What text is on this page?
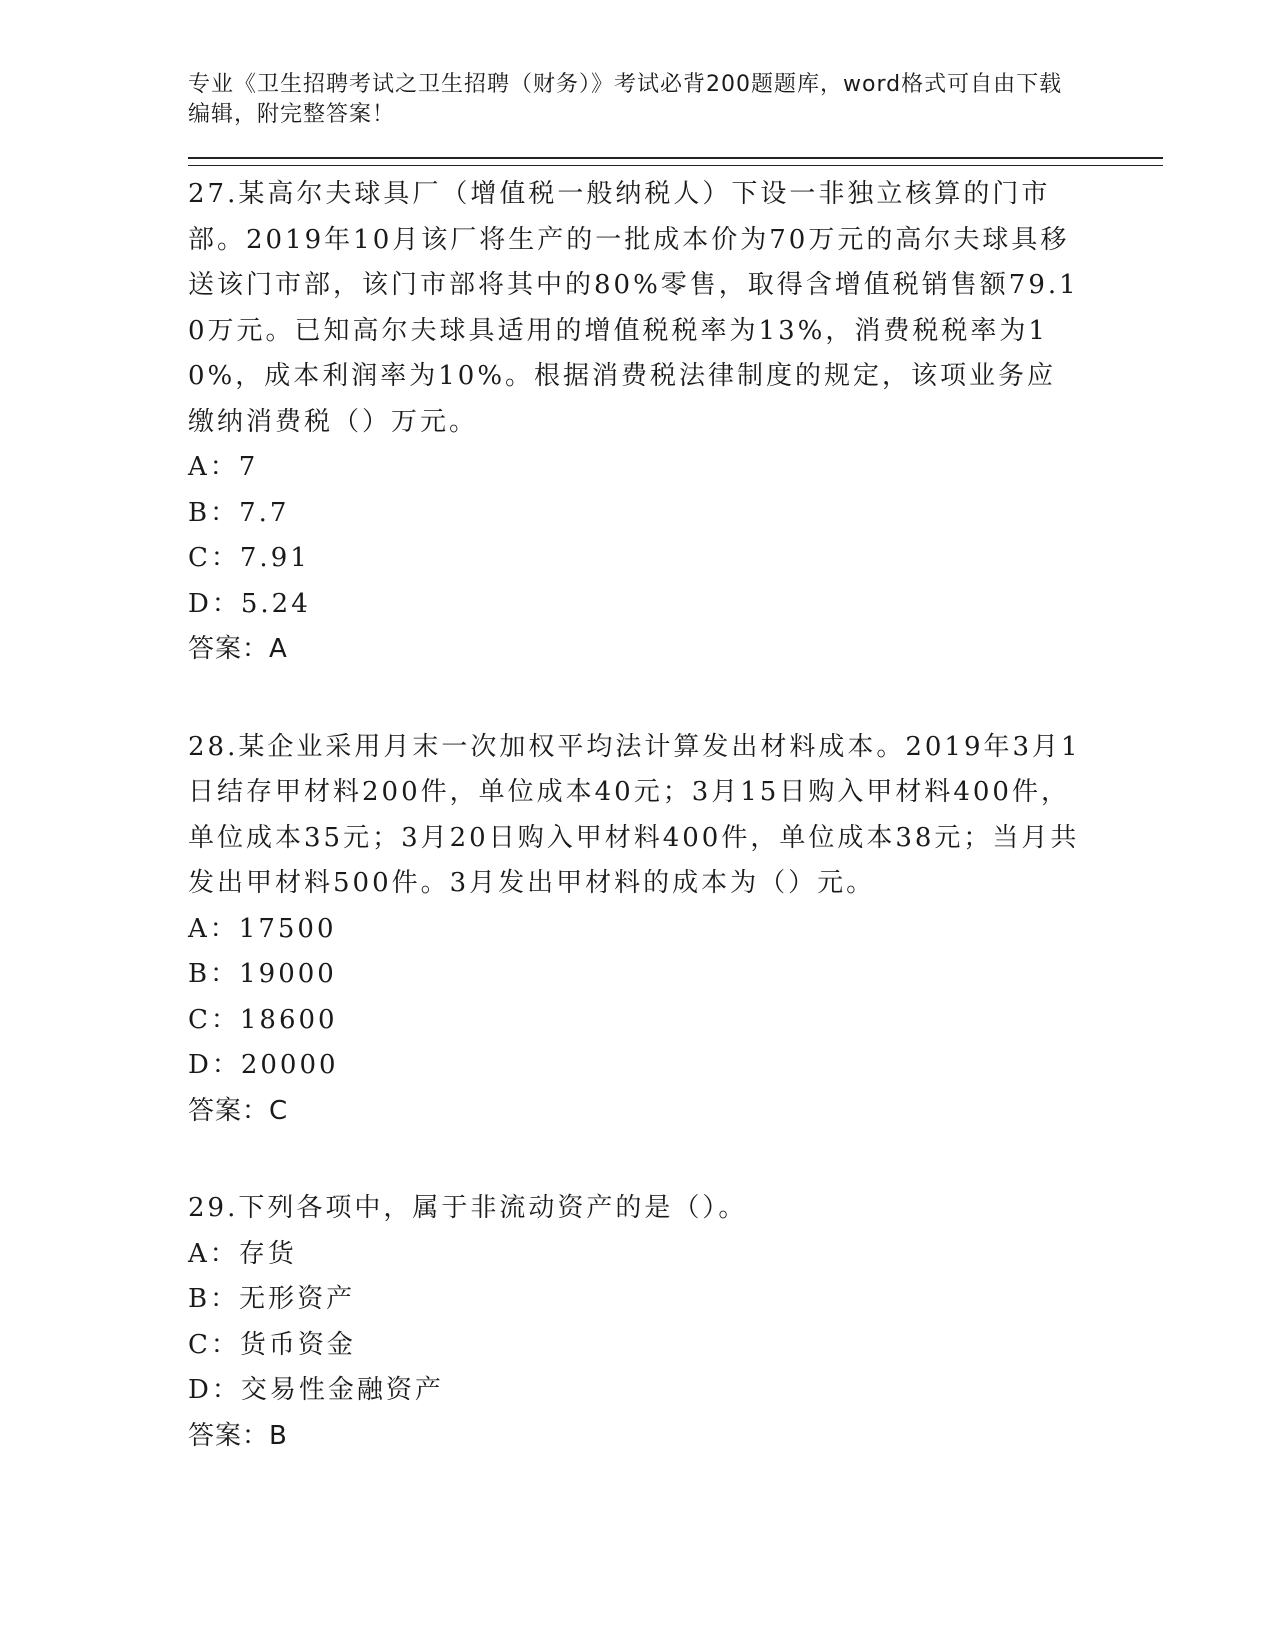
专业《卫生招聘考试之卫生招聘（财务）》考试必背200题题库，word格式可自由下载编辑，附完整答案！
27.某高尔夫球具厂（增值税一般纳税人）下设一非独立核算的门市部。2019年10月该厂将生产的一批成本价为70万元的高尔夫球具移送该门市部，该门市部将其中的80%零售，取得含增值税销售额79.10万元。已知高尔夫球具适用的增值税税率为13%，消费税税率为10%，成本利润率为10%。根据消费税法律制度的规定，该项业务应缴纳消费税（）万元。
A：7
B：7.7
C：7.91
D：5.24
答案：A
28.某企业采用月末一次加权平均法计算发出材料成本。2019年3月1日结存甲材料200件，单位成本40元；3月15日购入甲材料400件，单位成本35元；3月20日购入甲材料400件，单位成本38元；当月共发出甲材料500件。3月发出甲材料的成本为（）元。
A：17500
B：19000
C：18600
D：20000
答案：C
29.下列各项中，属于非流动资产的是（）。
A：存货
B：无形资产
C：货币资金
D：交易性金融资产
答案：B
